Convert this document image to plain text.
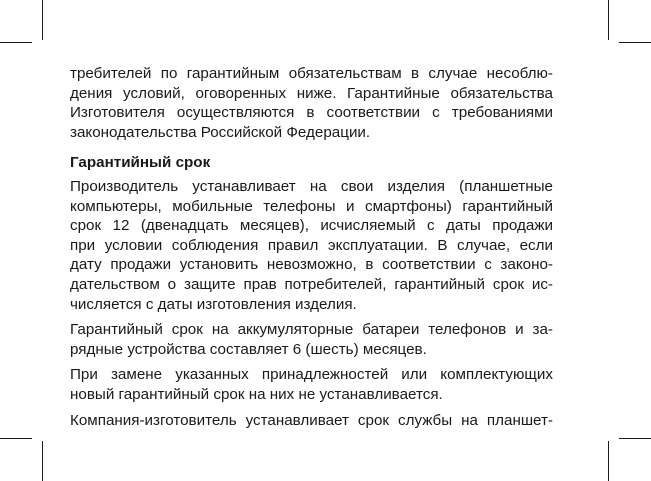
требителей по гарантийным обязательствам в случае несоблю-
дения условий, оговоренных ниже. Гарантийные обязательства
Изготовителя осуществляются в соответствии с требованиями
законодательства Российской Федерации.
Гарантийный срок
Производитель устанавливает на свои изделия (планшетные
компьютеры, мобильные телефоны и смартфоны) гарантийный
срок 12 (двенадцать месяцев), исчисляемый с даты продажи
при условии соблюдения правил эксплуатации. В случае, если
дату продажи установить невозможно, в соответствии с законо-
дательством о защите прав потребителей, гарантийный срок ис-
числяется с даты изготовления изделия.
Гарантийный срок на аккумуляторные батареи телефонов и за-
рядные устройства составляет 6 (шесть) месяцев.
При замене указанных принадлежностей или комплектующих
новый гарантийный срок на них не устанавливается.
Компания-изготовитель устанавливает срок службы на планшет-
